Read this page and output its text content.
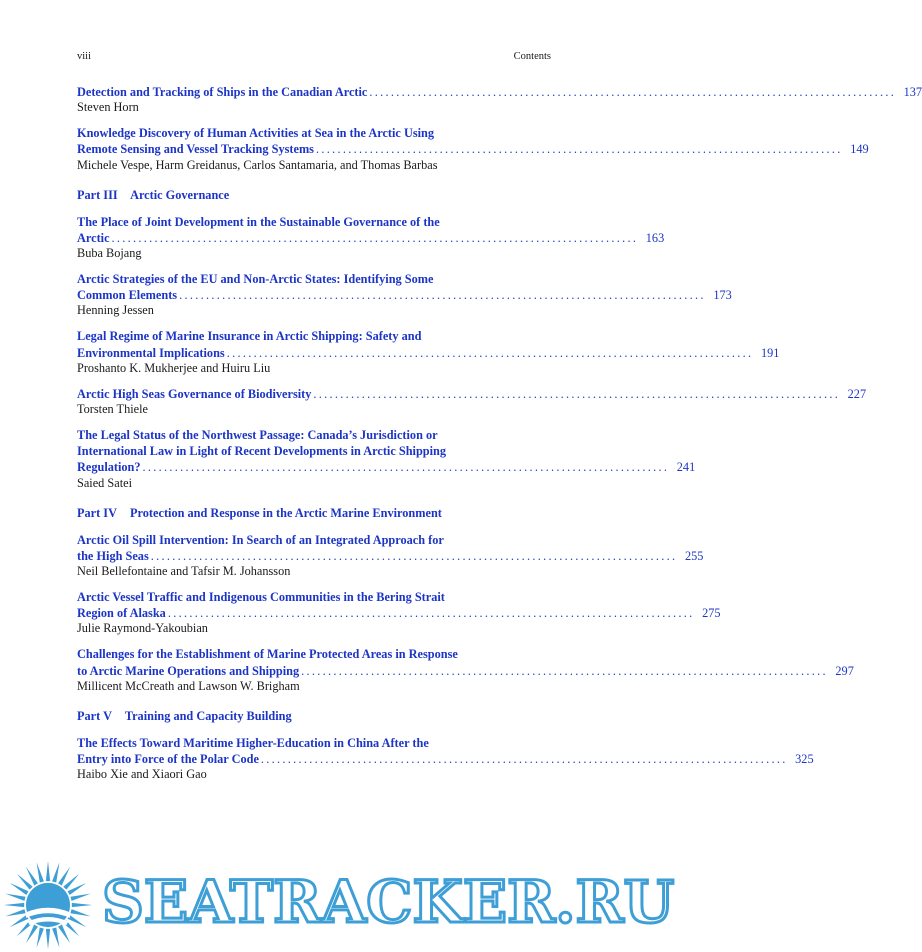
viii	Contents
Detection and Tracking of Ships in the Canadian Arctic .................................................................................................. 137
Steven Horn
Knowledge Discovery of Human Activities at Sea in the Arctic Using
Remote Sensing and Vessel Tracking Systems .................................................................................................. 149
Michele Vespe, Harm Greidanus, Carlos Santamaria, and Thomas Barbas
Part III Arctic Governance
The Place of Joint Development in the Sustainable Governance of the
Arctic .................................................................................................. 163
Buba Bojang
Arctic Strategies of the EU and Non-Arctic States: Identifying Some
Common Elements .................................................................................................. 173
Henning Jessen
Legal Regime of Marine Insurance in Arctic Shipping: Safety and
Environmental Implications .................................................................................................. 191
Proshanto K. Mukherjee and Huiru Liu
Arctic High Seas Governance of Biodiversity .................................................................................................. 227
Torsten Thiele
The Legal Status of the Northwest Passage: Canada’s Jurisdiction or
International Law in Light of Recent Developments in Arctic Shipping
Regulation? .................................................................................................. 241
Saied Satei
Part IV Protection and Response in the Arctic Marine Environment
Arctic Oil Spill Intervention: In Search of an Integrated Approach for
the High Seas .................................................................................................. 255
Neil Bellefontaine and Tafsir M. Johansson
Arctic Vessel Traffic and Indigenous Communities in the Bering Strait
Region of Alaska .................................................................................................. 275
Julie Raymond-Yakoubian
Challenges for the Establishment of Marine Protected Areas in Response
to Arctic Marine Operations and Shipping .................................................................................................. 297
Millicent McCreath and Lawson W. Brigham
Part V Training and Capacity Building
The Effects Toward Maritime Higher-Education in China After the
Entry into Force of the Polar Code .................................................................................................. 325
Haibo Xie and Xiaori Gao
SEATRACKER.RU
